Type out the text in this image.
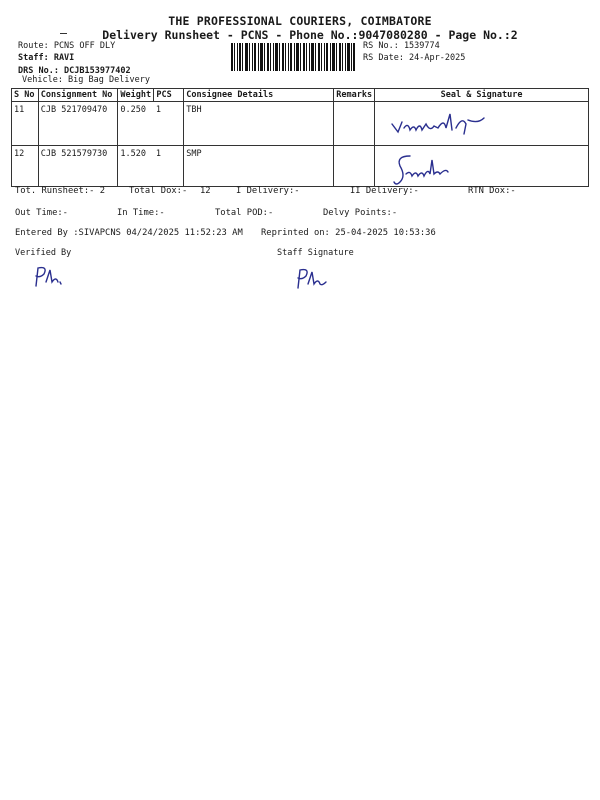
THE PROFESSIONAL COURIERS, COIMBATORE
Delivery Runsheet - PCNS - Phone No.:9047080280 - Page No.:2
Route: PCNS OFF DLY
Staff: RAVI
DRS No.: DCJB153977402
Vehicle: Big Bag Delivery
RS No.: 1539774
RS Date: 24-Apr-2025
S No	Consignment No	Weight	PCS	Consignee Details	Remarks	Seal & Signature
11	CJB 521709470	0.250	1	TBH		
12	CJB 521579730	1.520	1	SMP		
Tot. Runsheet:- 2	Total Dox:- 12	I Delivery:-	II Delivery:-	RTN Dox:-
Out Time:-	In Time:-	Total POD:-	Delvy Points:-
Entered By :SIVAPCNS 04/24/2025 11:52:23 AM Reprinted on: 25-04-2025 10:53:36
Verified By	Staff Signature
